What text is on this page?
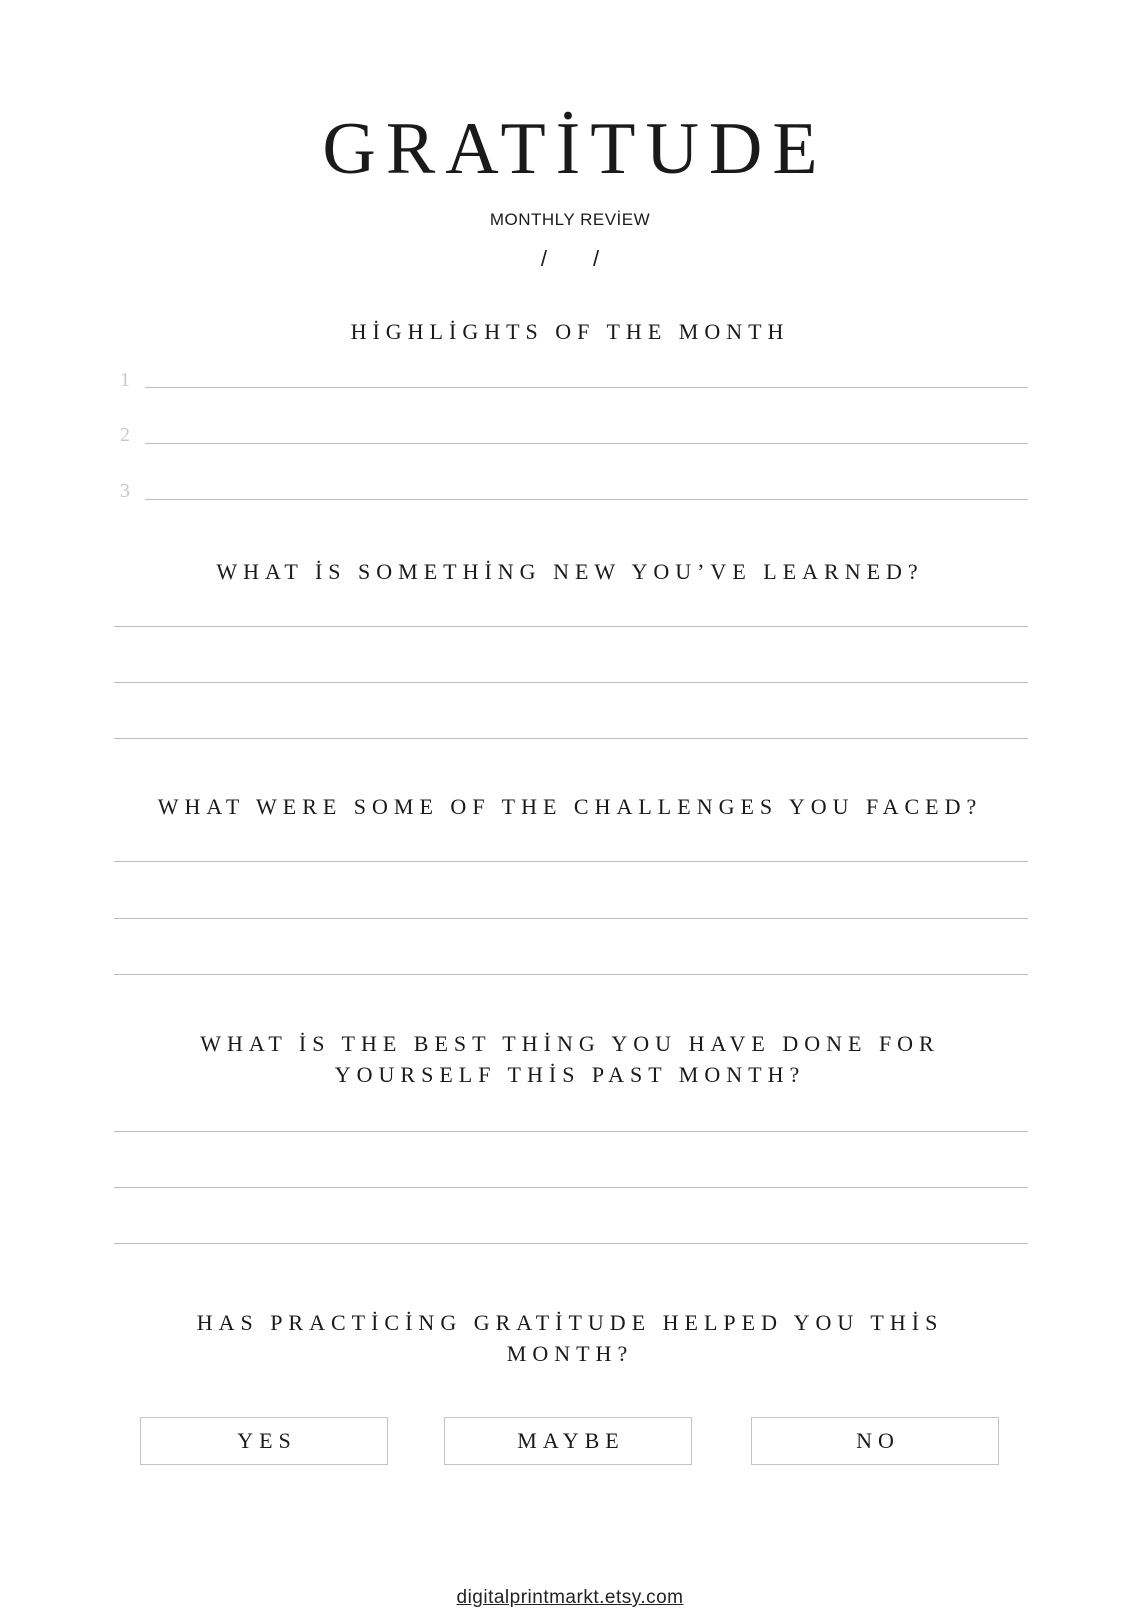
GRATİTUDE
MONTHLY REVİEW
/ /
HİGHLİGHTS OF THE MONTH
1
2
3
WHAT İS SOMETHİNG NEW YOU’VE LEARNED?
WHAT WERE SOME OF THE CHALLENGES YOU FACED?
WHAT İS THE BEST THİNG YOU HAVE DONE FOR YOURSELF THİS PAST MONTH?
HAS PRACTİCİNG GRATİTUDE HELPED YOU THİS MONTH?
YES	MAYBE	NO
digitalprintmarkt.etsy.com
